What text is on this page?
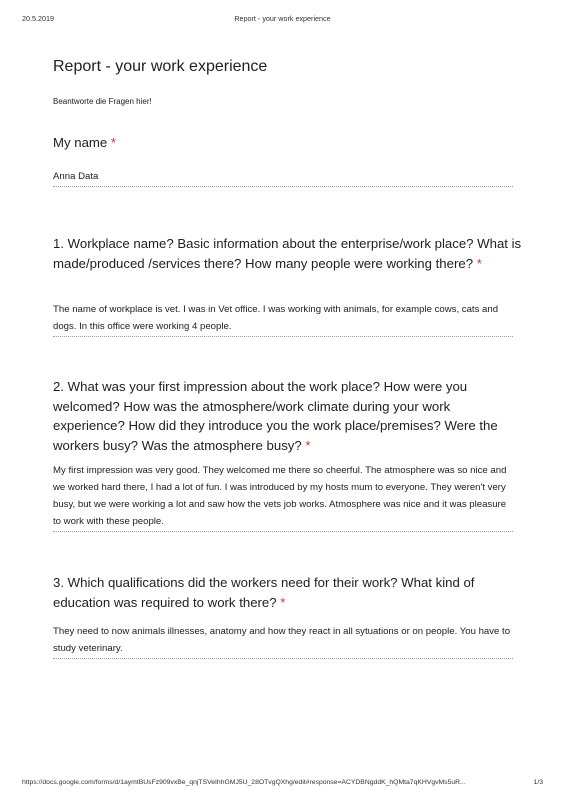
20.5.2019	Report - your work experience
Report - your work experience
Beantworte die Fragen hier!
My name *
Anna Data
1. Workplace name? Basic information about the enterprise/work place? What is made/produced /services there? How many people were working there? *
The name of workplace is vet. I was in Vet office. I was working with animals, for example cows, cats and dogs. In this office were working 4 people.
2. What was your first impression about the work place? How were you welcomed? How was the atmosphere/work climate during your work experience? How did they introduce you the work place/premises? Were the workers busy? Was the atmosphere busy? *
My first impression was very good. They welcomed me there so cheerful. The atmosphere was so nice and we worked hard there, I had a lot of fun. I was introduced by my hosts mum to everyone. They weren't very busy, but we were working a lot and saw how the vets job works. Atmosphere was nice and it was pleasure to work with these people.
3. Which qualifications did the workers need for their work? What kind of education was required to work there? *
They need to now animals illnesses, anatomy and how they react in all sytuations or on people. You have to study veterinary.
https://docs.google.com/forms/d/1aymtBUsFz909vxBe_qnjTSVeIhhGMJ5U_28OTvgQXhg/edit#response=ACYDBNgddK_hQMta7qKHVgvMs5uR...	1/3
